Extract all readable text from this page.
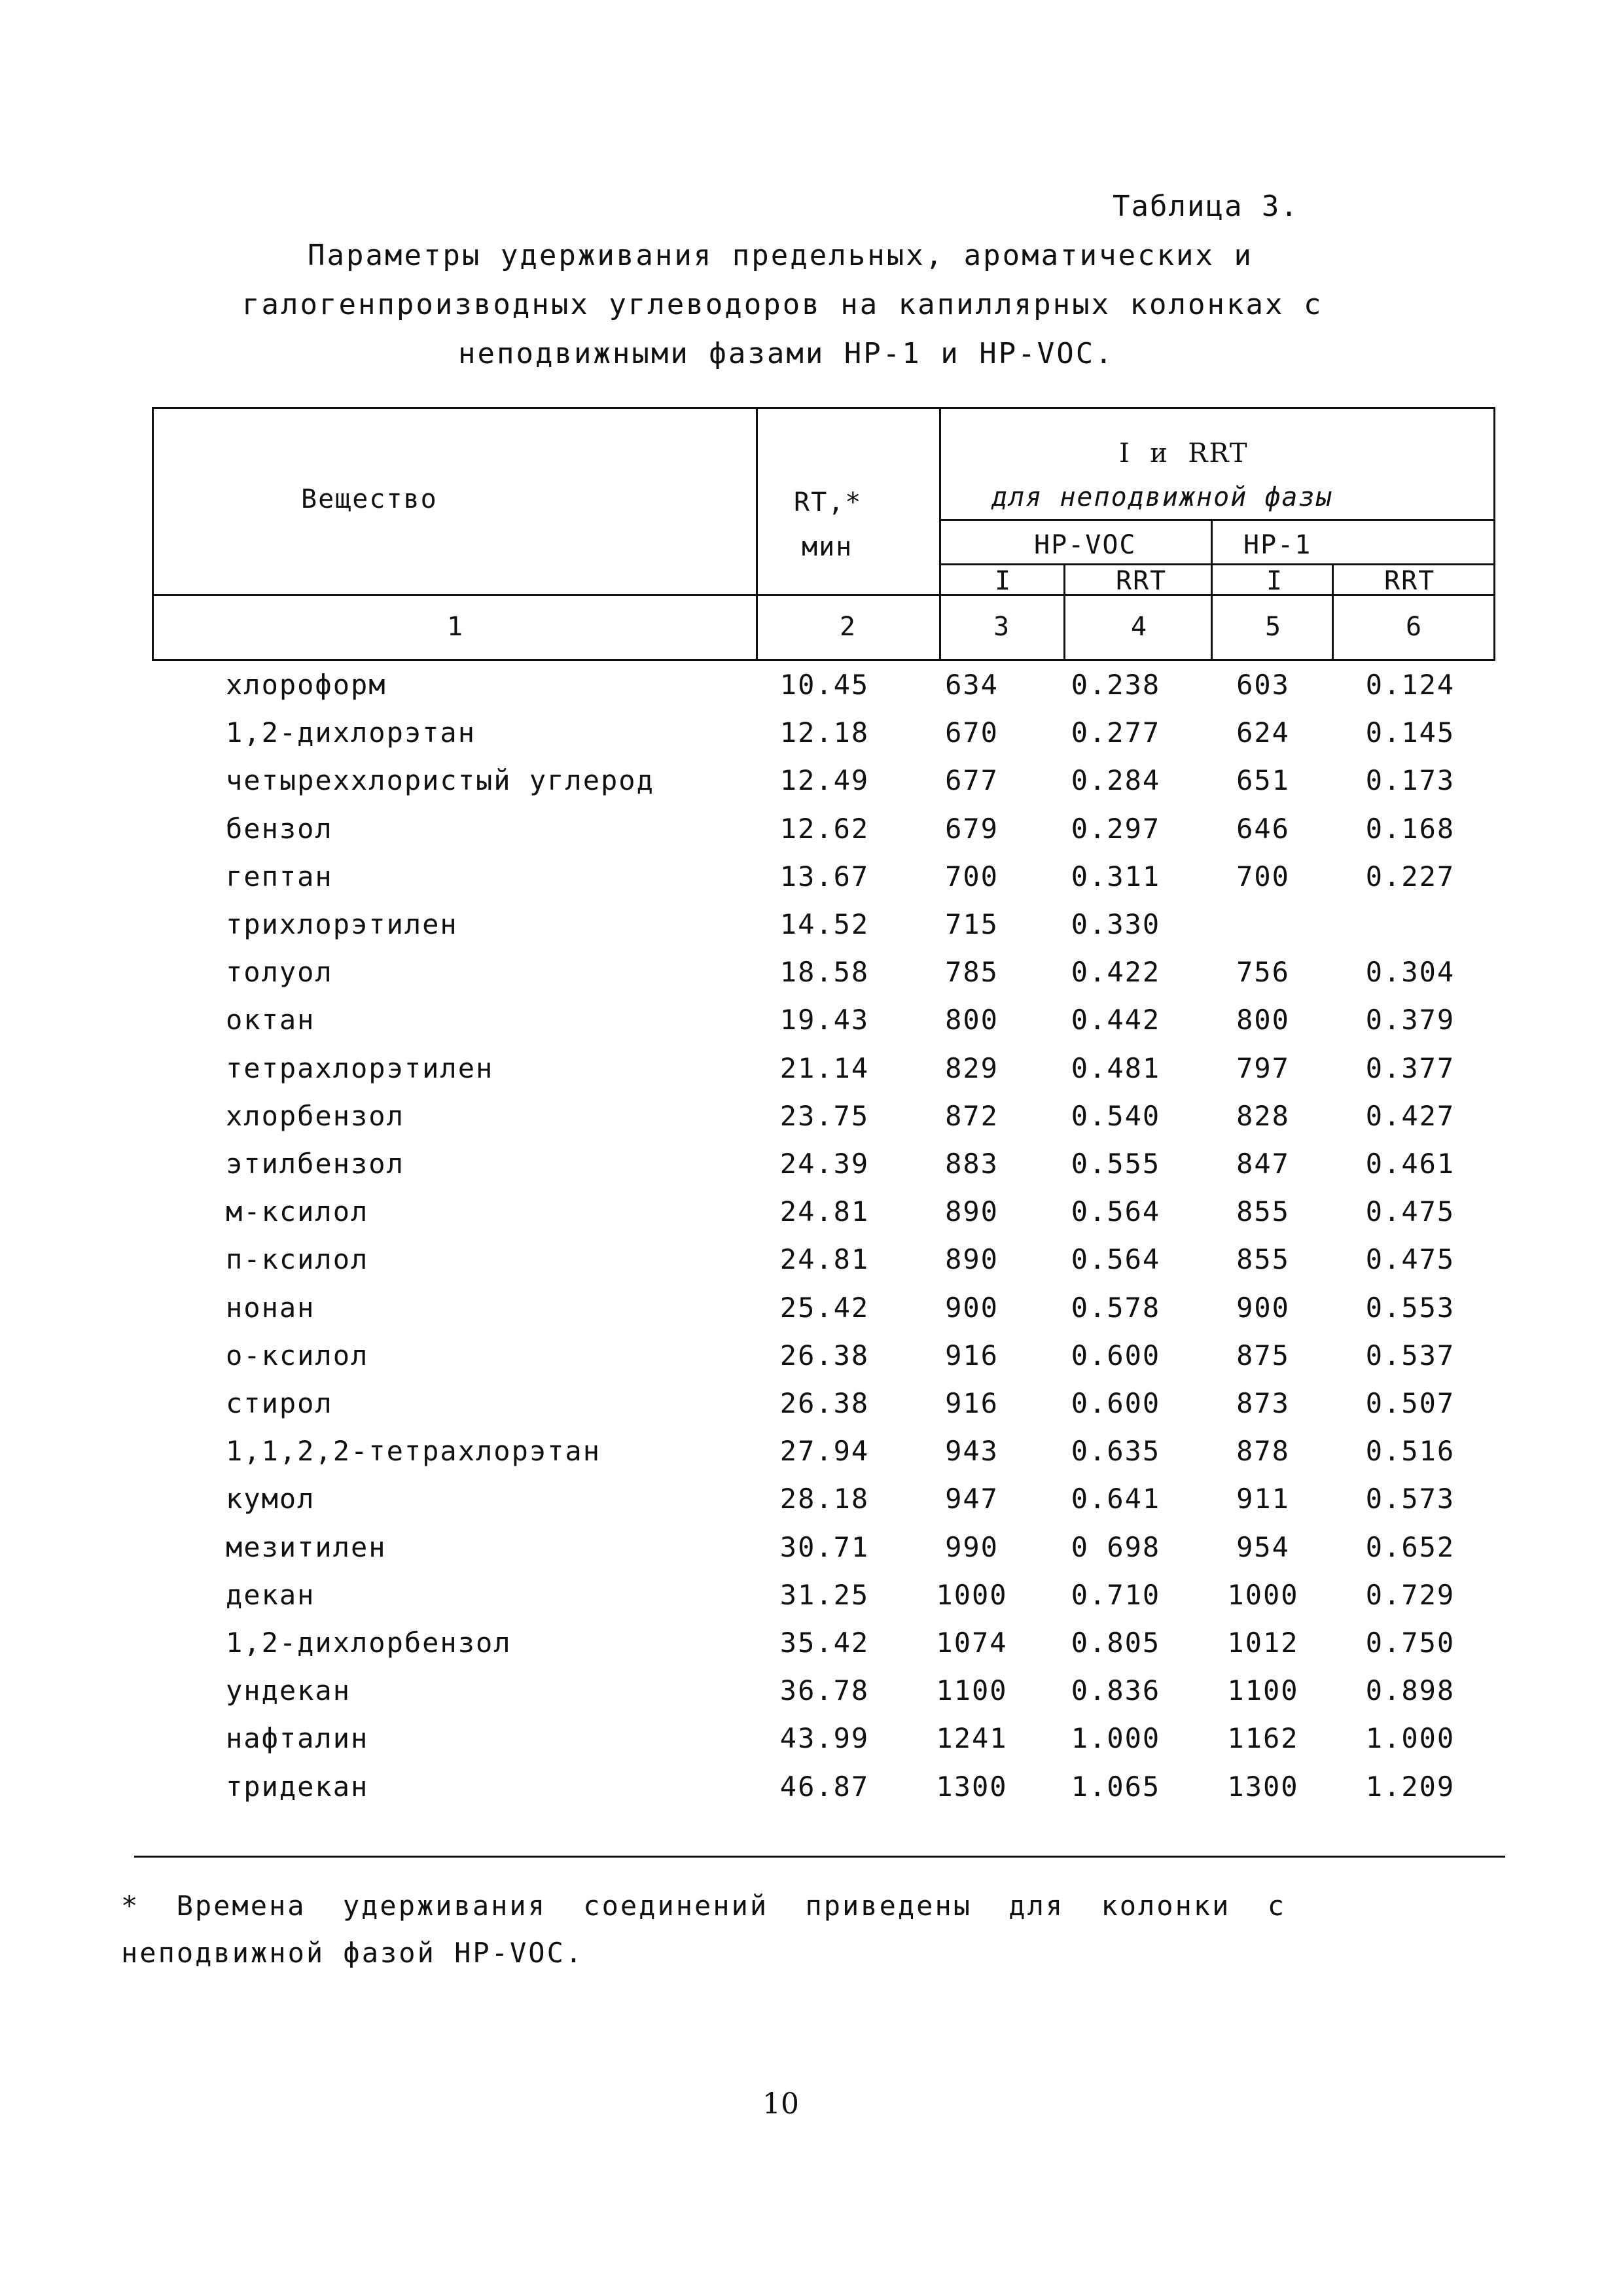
Таблица 3.
Параметры удерживания предельных, ароматических и
галогенпроизводных углеводоров на капиллярных колонках с
неподвижными фазами HP-1 и HP-VOC.
Вещество	RT,*
мин
I  и  RRT
для неподвижной фазы
HP-VOC	HP-1
I	RRT	I	RRT
1	2	3	4	5	6
хлороформ	10.45	634	0.238	603	0.124
1,2-дихлорэтан	12.18	670	0.277	624	0.145
четыреххлористый углерод	12.49	677	0.284	651	0.173
бензол	12.62	679	0.297	646	0.168
гептан	13.67	700	0.311	700	0.227
трихлорэтилен	14.52	715	0.330
толуол	18.58	785	0.422	756	0.304
октан	19.43	800	0.442	800	0.379
тетрахлорэтилен	21.14	829	0.481	797	0.377
хлорбензол	23.75	872	0.540	828	0.427
этилбензол	24.39	883	0.555	847	0.461
м-ксилол	24.81	890	0.564	855	0.475
п-ксилол	24.81	890	0.564	855	0.475
нонан	25.42	900	0.578	900	0.553
о-ксилол	26.38	916	0.600	875	0.537
стирол	26.38	916	0.600	873	0.507
1,1,2,2-тетрахлорэтан	27.94	943	0.635	878	0.516
кумол	28.18	947	0.641	911	0.573
мезитилен	30.71	990	0 698	954	0.652
декан	31.25	1000	0.710	1000	0.729
1,2-дихлорбензол	35.42	1074	0.805	1012	0.750
ундекан	36.78	1100	0.836	1100	0.898
нафталин	43.99	1241	1.000	1162	1.000
тридекан	46.87	1300	1.065	1300	1.209
* Времена удерживания соединений приведены для колонки с
неподвижной фазой HP-VOC.
10
